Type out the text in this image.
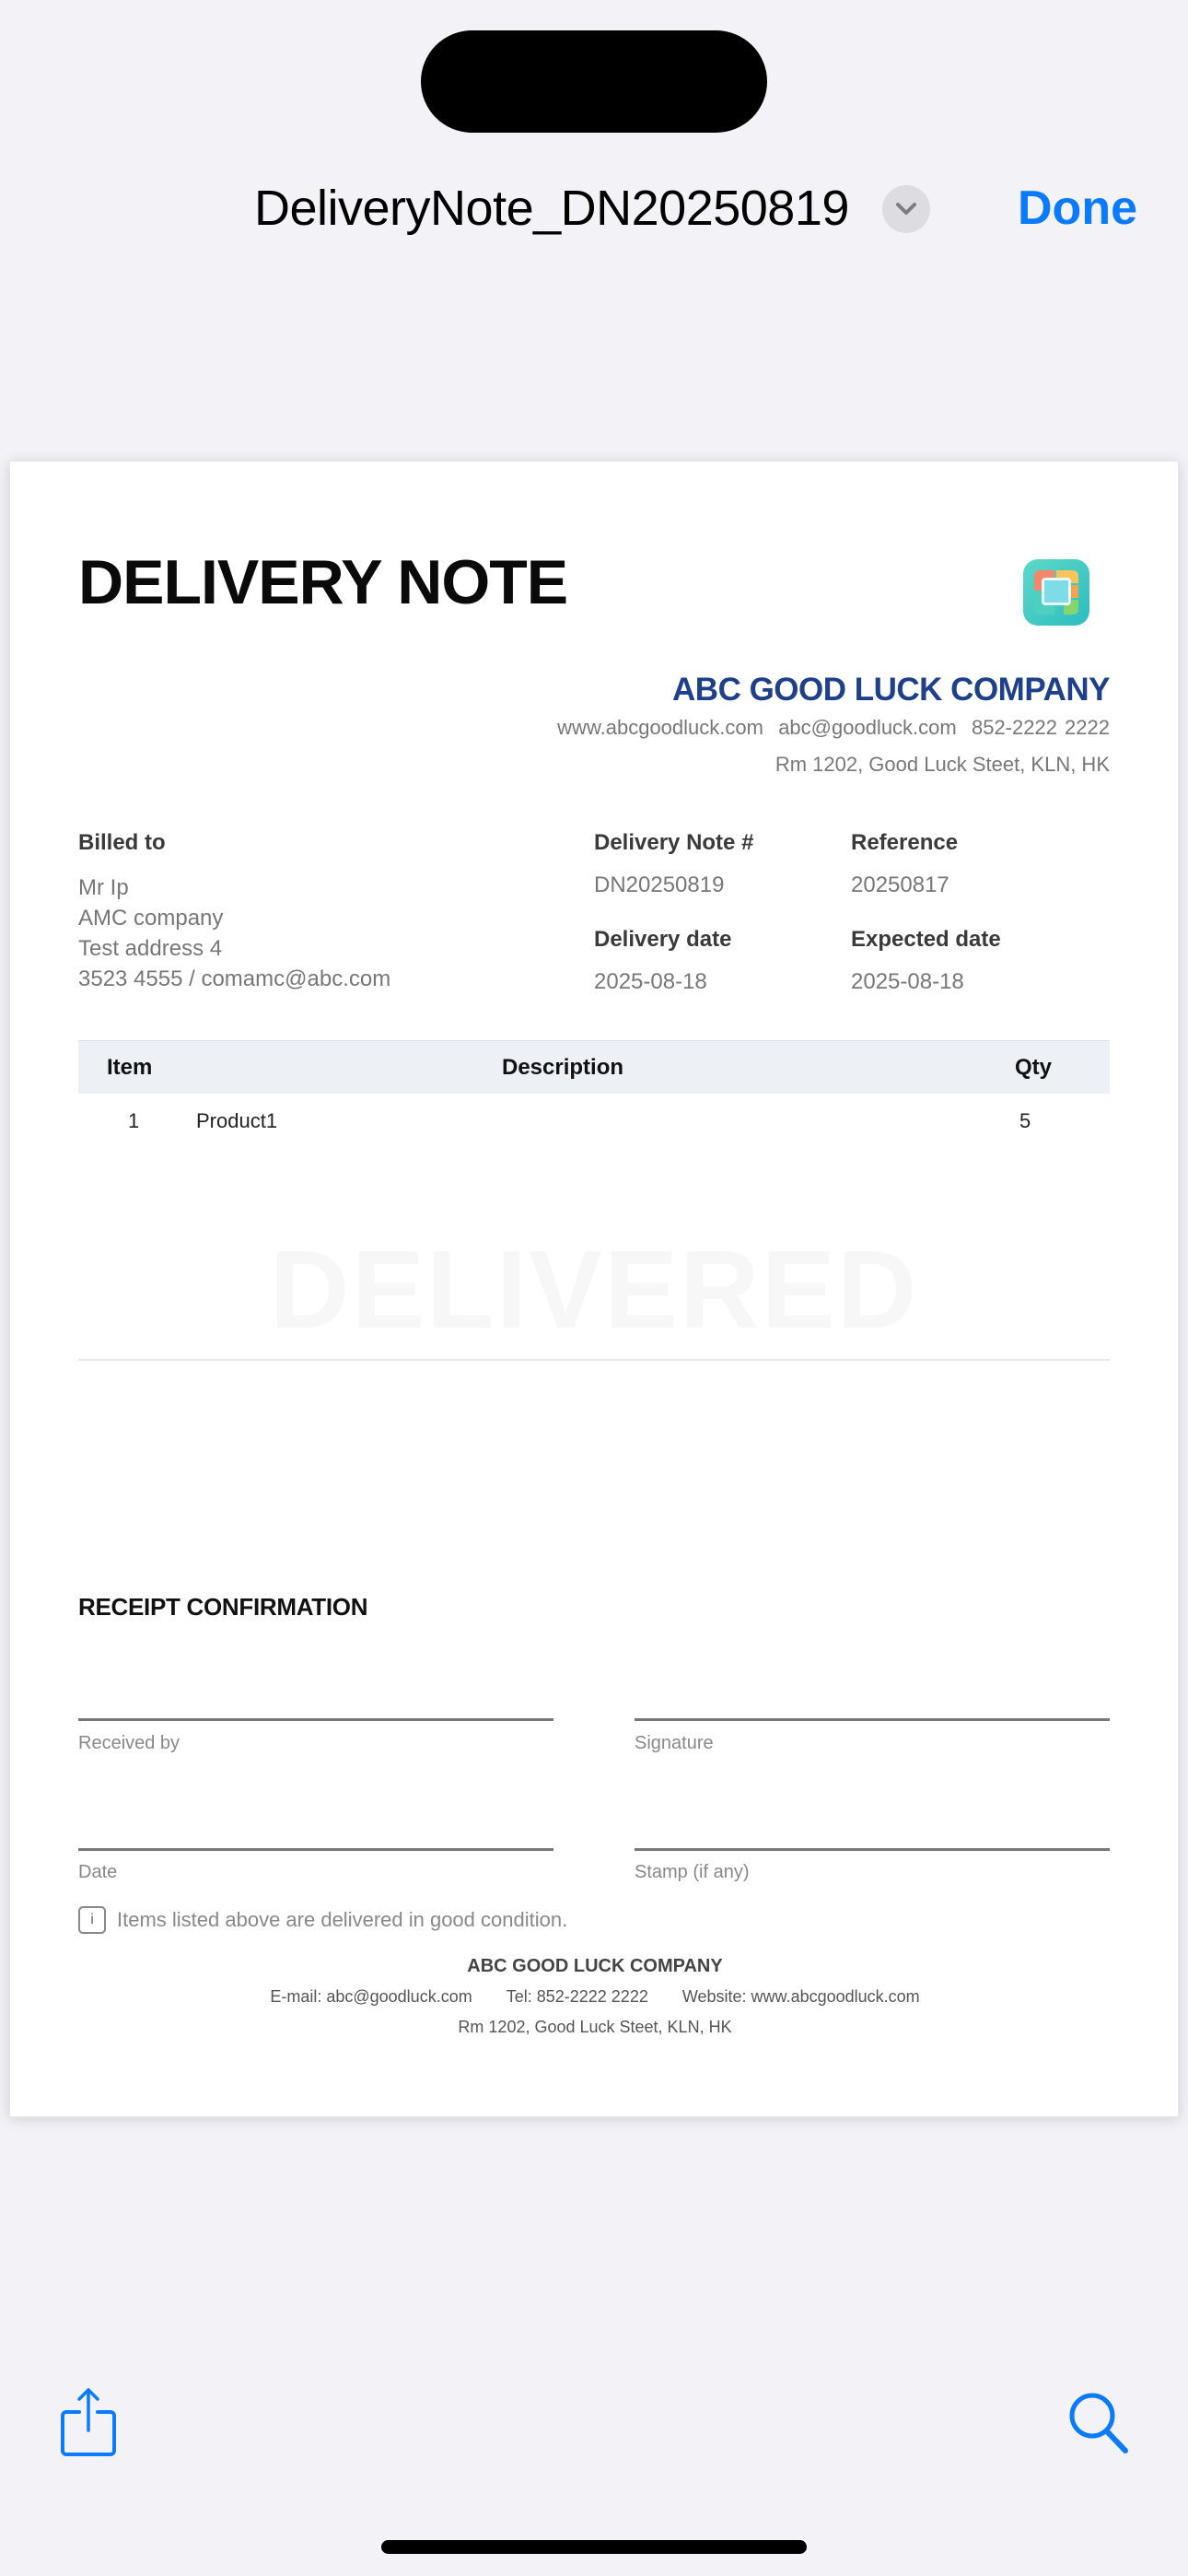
DeliveryNote_DN20250819	Done
DELIVERY NOTE
ABC GOOD LUCK COMPANY
www.abcgoodluck.com abc@goodluck.com 852-2222 2222
Rm 1202, Good Luck Steet, KLN, HK
Billed to
Mr Ip
AMC company
Test address 4
3523 4555 / comamc@abc.com
Delivery Note #
DN20250819
Reference
20250817
Delivery date
2025-08-18
Expected date
2025-08-18
Item	Description	Qty
1	Product1	5
DELIVERED
RECEIPT CONFIRMATION
Received by	Signature
Date	Stamp (if any)
i	Items listed above are delivered in good condition.
ABC GOOD LUCK COMPANY
E-mail: abc@goodluck.com Tel: 852-2222 2222 Website: www.abcgoodluck.com
Rm 1202, Good Luck Steet, KLN, HK
